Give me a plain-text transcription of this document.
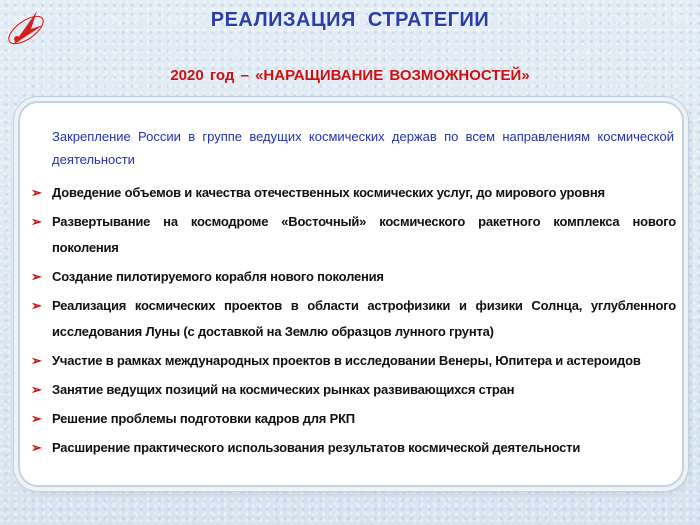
РЕАЛИЗАЦИЯ СТРАТЕГИИ
2020 год – «НАРАЩИВАНИЕ ВОЗМОЖНОСТЕЙ»
Закрепление России в группе ведущих космических держав по всем направлениям космической деятельности
➢ Доведение объемов и качества отечественных космических услуг, до мирового уровня
➢ Развертывание на космодроме «Восточный» космического ракетного комплекса нового поколения
➢ Создание пилотируемого корабля нового поколения
➢ Реализация космических проектов в области астрофизики и физики Солнца, углубленного исследования Луны (с доставкой на Землю образцов лунного грунта)
➢ Участие в рамках международных проектов в исследовании Венеры, Юпитера и астероидов
➢ Занятие ведущих позиций на космических рынках развивающихся стран
➢ Решение проблемы подготовки кадров для РКП
➢ Расширение практического использования результатов космической деятельности
